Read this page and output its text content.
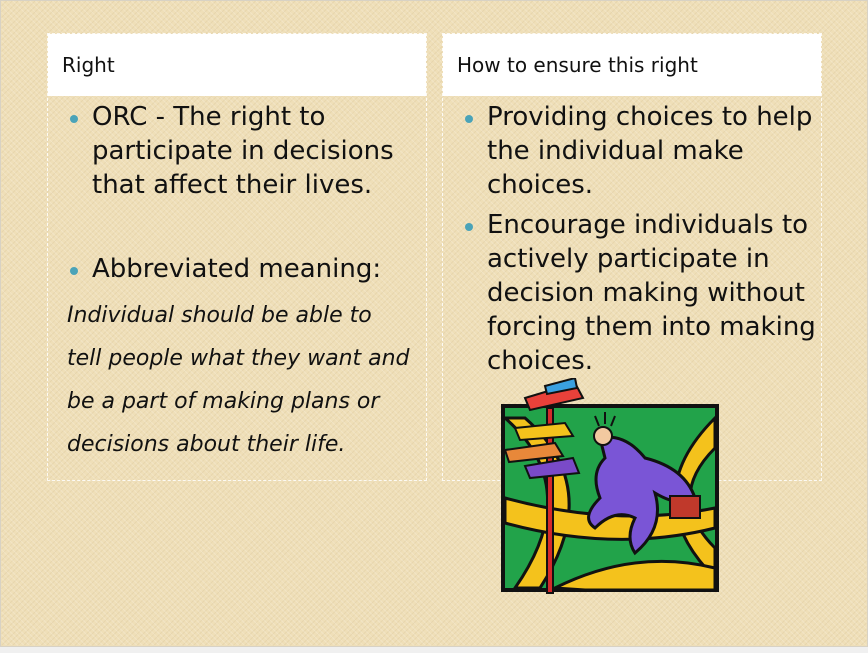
Right
ORC - The right to participate in decisions that affect their lives.
Abbreviated meaning:
Individual should be able to
tell people what they want and
be a part of making plans or
decisions about their life.
How to ensure this right
Providing choices to help the individual make choices.
Encourage individuals to actively participate in decision making without forcing them into making choices.
